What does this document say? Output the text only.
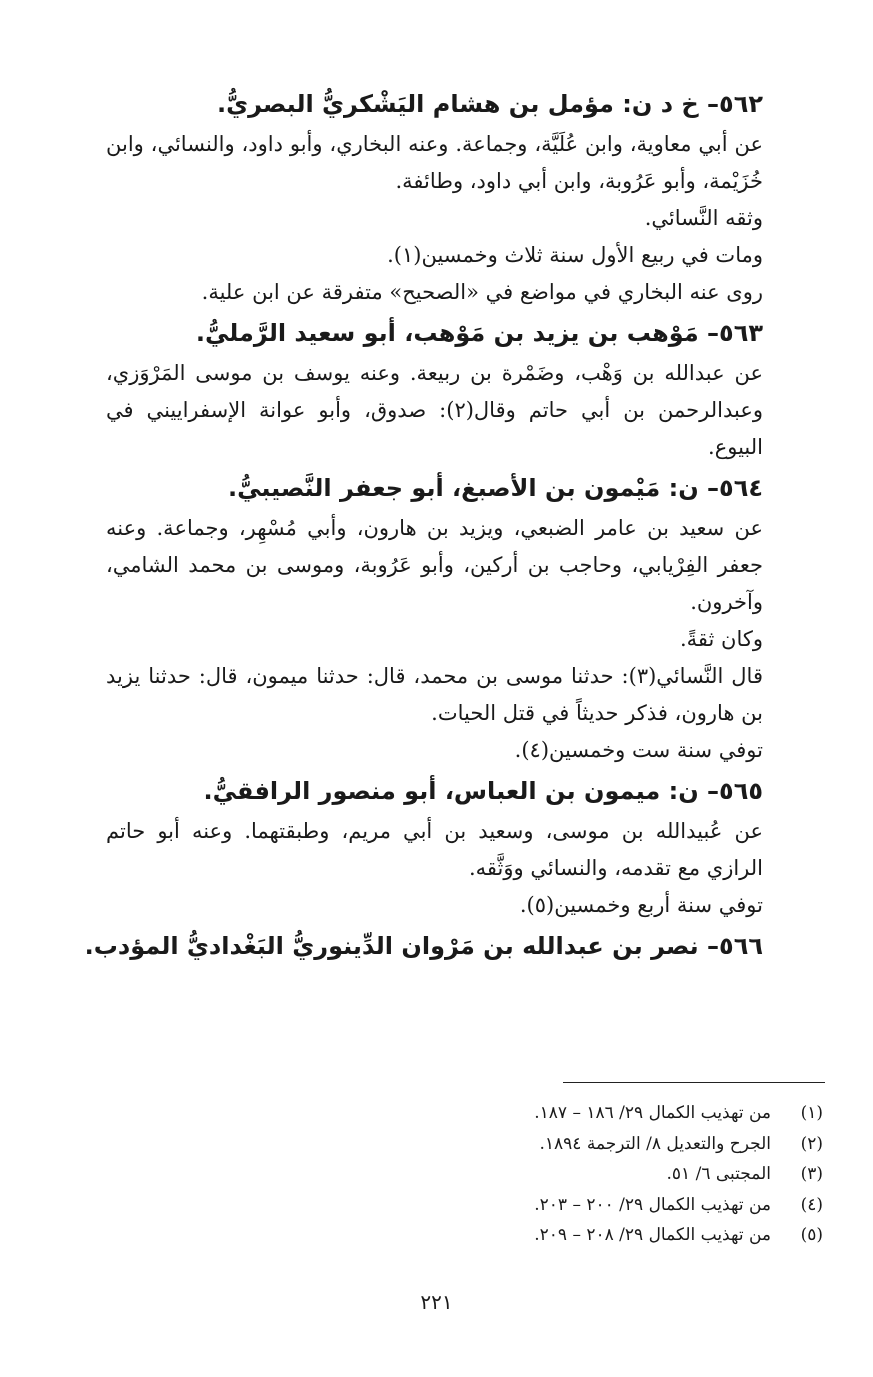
٥٦٢– خ د ن: مؤمل بن هشام اليَشْكريُّ البصريُّ.

عن أبي معاوية، وابن عُلَيَّة، وجماعة. وعنه البخاري، وأبو داود، والنسائي، وابن خُزَيْمة، وأبو عَرُوبة، وابن أبي داود، وطائفة.

وثقه النَّسائي.

ومات في ربيع الأول سنة ثلاث وخمسين(١).

روى عنه البخاري في مواضع في «الصحيح» متفرقة عن ابن علية.

٥٦٣– مَوْهب بن يزيد بن مَوْهب، أبو سعيد الرَّمليُّ.

عن عبدالله بن وَهْب، وضَمْرة بن ربيعة. وعنه يوسف بن موسى المَرْوَزي، وعبدالرحمن بن أبي حاتم وقال(٢): صدوق، وأبو عوانة الإسفراييني في البيوع.

٥٦٤– ن: مَيْمون بن الأصبغ، أبو جعفر النَّصيبيُّ.

عن سعيد بن عامر الضبعي، ويزيد بن هارون، وأبي مُسْهِر، وجماعة. وعنه جعفر الفِرْيابي، وحاجب بن أركين، وأبو عَرُوبة، وموسى بن محمد الشامي، وآخرون.

وكان ثقةً.

قال النَّسائي(٣): حدثنا موسى بن محمد، قال: حدثنا ميمون، قال: حدثنا يزيد بن هارون، فذكر حديثاً في قتل الحيات.

توفي سنة ست وخمسين(٤).

٥٦٥– ن: ميمون بن العباس، أبو منصور الرافقيُّ.

عن عُبيدالله بن موسى، وسعيد بن أبي مريم، وطبقتهما. وعنه أبو حاتم الرازي مع تقدمه، والنسائي ووَثَّقه.

توفي سنة أربع وخمسين(٥).

٥٦٦– نصر بن عبدالله بن مَرْوان الدِّينوريُّ البَغْداديُّ المؤدب.
(١)من تهذيب الكمال ٢٩/ ١٨٦ – ١٨٧.
(٢)الجرح والتعديل ٨/ الترجمة ١٨٩٤.
(٣)المجتبى ٦/ ٥١.
(٤)من تهذيب الكمال ٢٩/ ٢٠٠ – ٢٠٣.
(٥)من تهذيب الكمال ٢٩/ ٢٠٨ – ٢٠٩.
٢٢١
